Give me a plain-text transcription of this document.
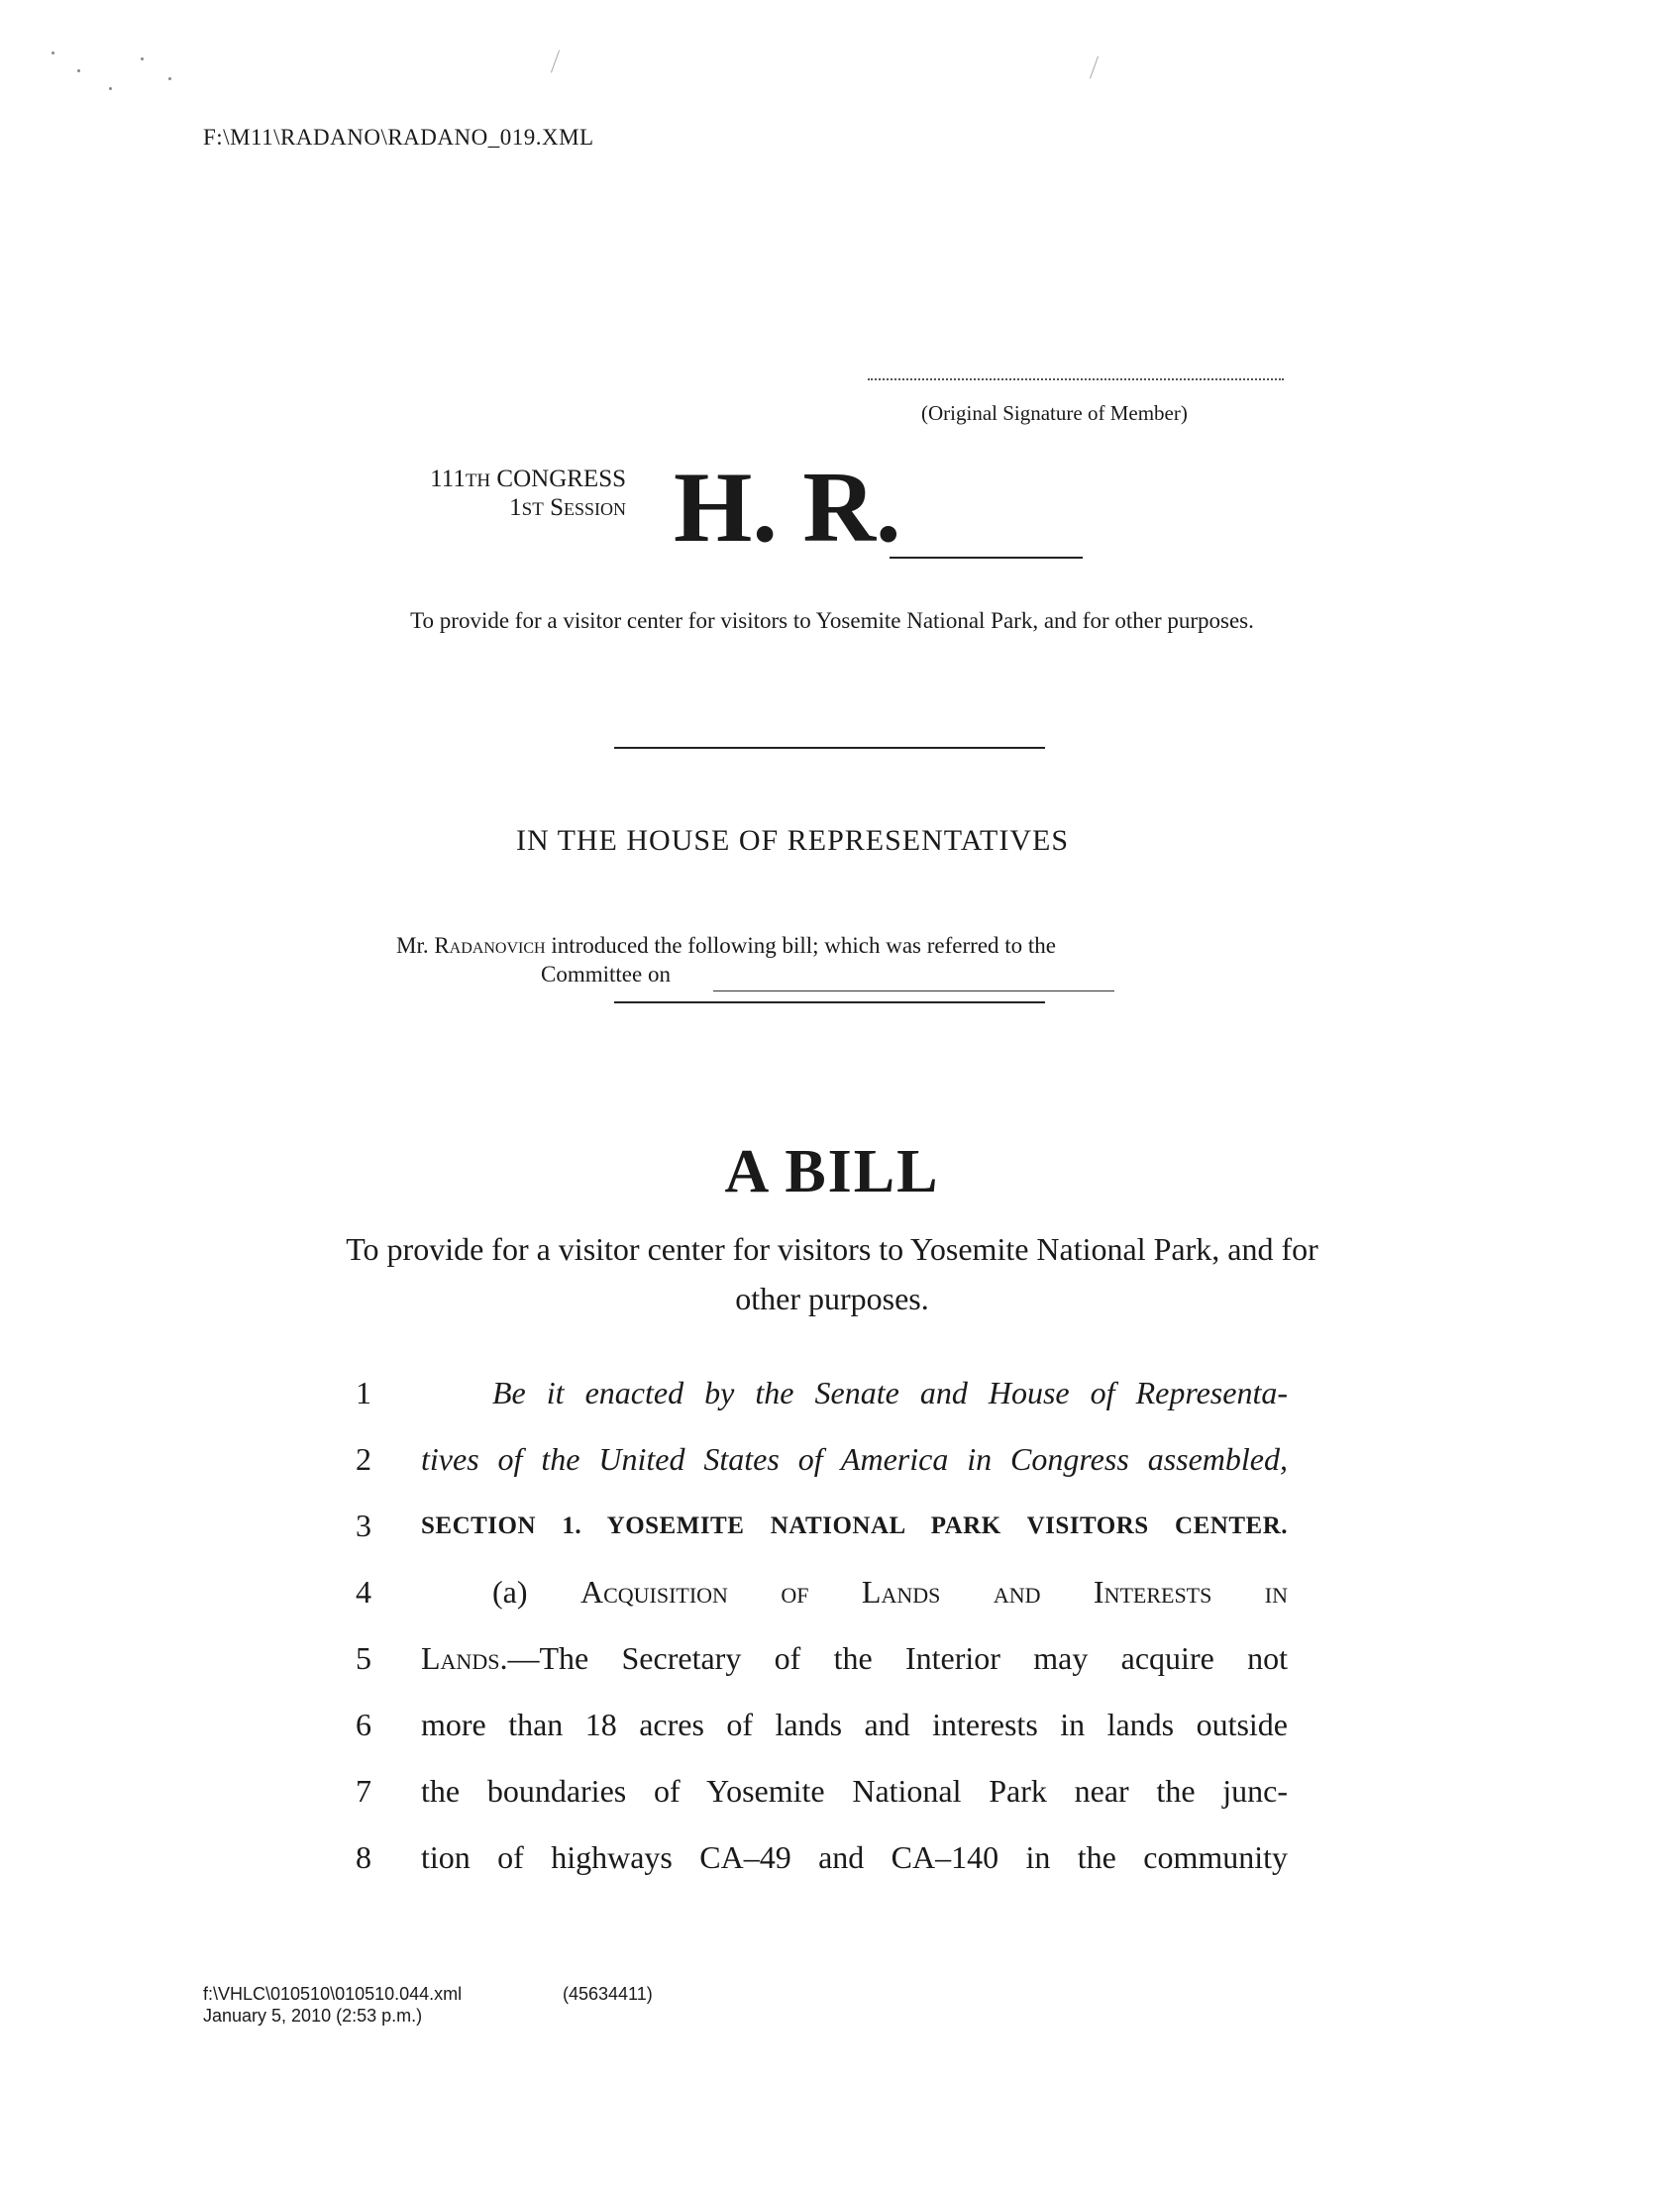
F:\M11\RADANO\RADANO_019.XML
(Original Signature of Member)
111TH CONGRESS
1ST Session H. R.
To provide for a visitor center for visitors to Yosemite National Park, and for other purposes.
IN THE HOUSE OF REPRESENTATIVES
Mr. Radanovich introduced the following bill; which was referred to the
Committee on
A BILL
To provide for a visitor center for visitors to Yosemite National Park, and for other purposes.
1	Be it enacted by the Senate and House of Representa-
2 tives of the United States of America in Congress assembled,
3 SECTION 1. YOSEMITE NATIONAL PARK VISITORS CENTER.
4	(a) Acquisition of Lands and Interests in
5 Lands.—The Secretary of the Interior may acquire not
6 more than 18 acres of lands and interests in lands outside
7 the boundaries of Yosemite National Park near the junc-
8 tion of highways CA–49 and CA–140 in the community
f:\VHLC\010510\010510.044.xml	(45634411)
January 5, 2010 (2:53 p.m.)
